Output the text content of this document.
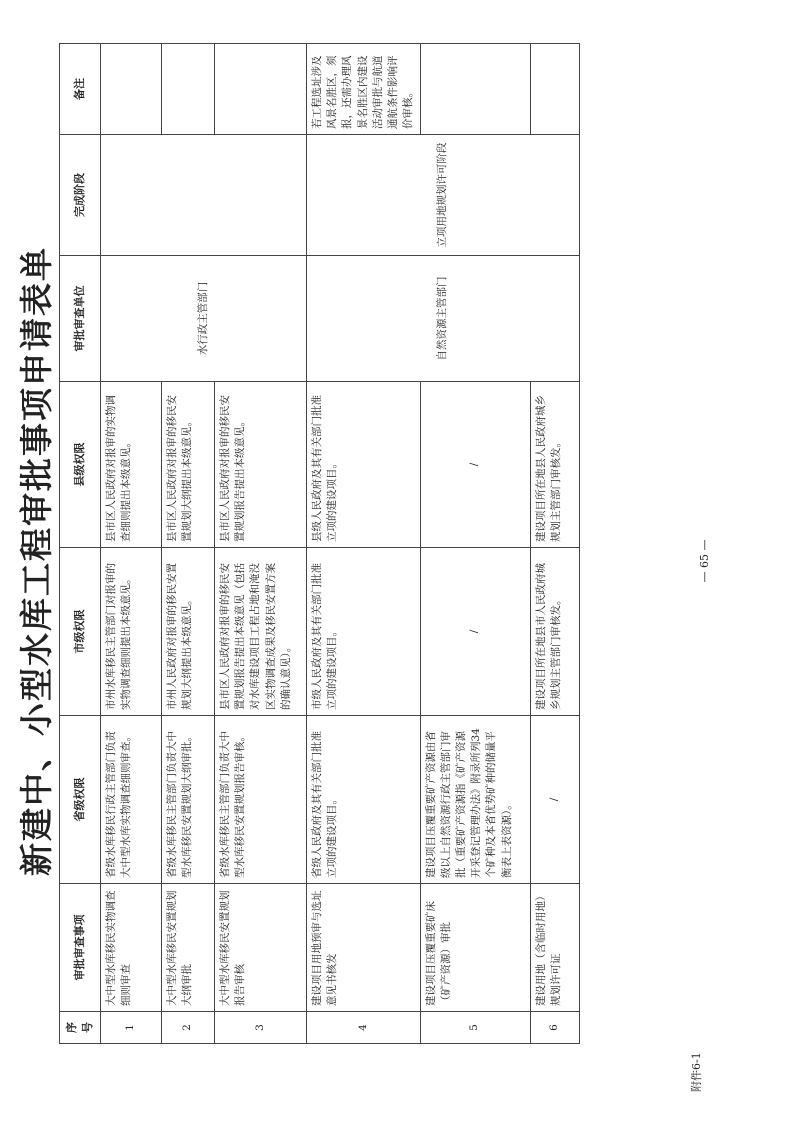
附件6-1
新建中、小型水库工程审批事项申请表单
序号	审批审查事项	省级权限	市级权限	县级权限	审批审查单位	完成阶段	备注
1	大中型水库移民实物调查细则审查	省级水库移民行政主管部门负责大中型水库实物调查细则审查。	市州水库移民主管部门对报审的实物调查细则提出本级意见。	县市区人民政府对报审的实物调查细则提出本级意见。	水行政主管部门		
2	大中型水库移民安置规划大纲审批	省级水库移民主管部门负责大中型水库移民安置规划大纲审批。	市州人民政府对报审的移民安置规划大纲提出本级意见。	县市区人民政府对报审的移民安置规划大纲提出本级意见。			
3	大中型水库移民安置规划报告审核	省级水库移民主管部门负责大中型水库移民安置规划报告审核。	县市区人民政府对报审的移民安置规划报告提出本级意见（包括对水库建设项目工程占地和淹没区实物调查成果及移民安置方案的确认意见）。	县市区人民政府对报审的移民安置规划报告提出本级意见。			
4	建设项目用地预审与选址意见书核发	省级人民政府及其有关部门批准立项的建设项目。	市级人民政府及其有关部门批准立项的建设项目。	县级人民政府及其有关部门批准立项的建设项目。	自然资源主管部门	立项用地规划许可阶段	若工程选址涉及风景名胜区，须报，还需办理风景名胜区内建设活动审批与航道通航条件影响评价审核。
5	建设项目压覆重要矿床（矿产资源）审批	建设项目压覆重要矿产资源由省级以上自然资源行政主管部门审批（重要矿产资源指《矿产资源开采登记管理办法》附录所列34个矿种及本省优势矿种的储量平衡表上表资源）。	/	/			
6	建设用地（含临时用地）规划许可证	/	建设项目所在地县市人民政府城乡规划主管部门审核发。	建设项目所在地县人民政府城乡规划主管部门审核发。			
— 65 —
